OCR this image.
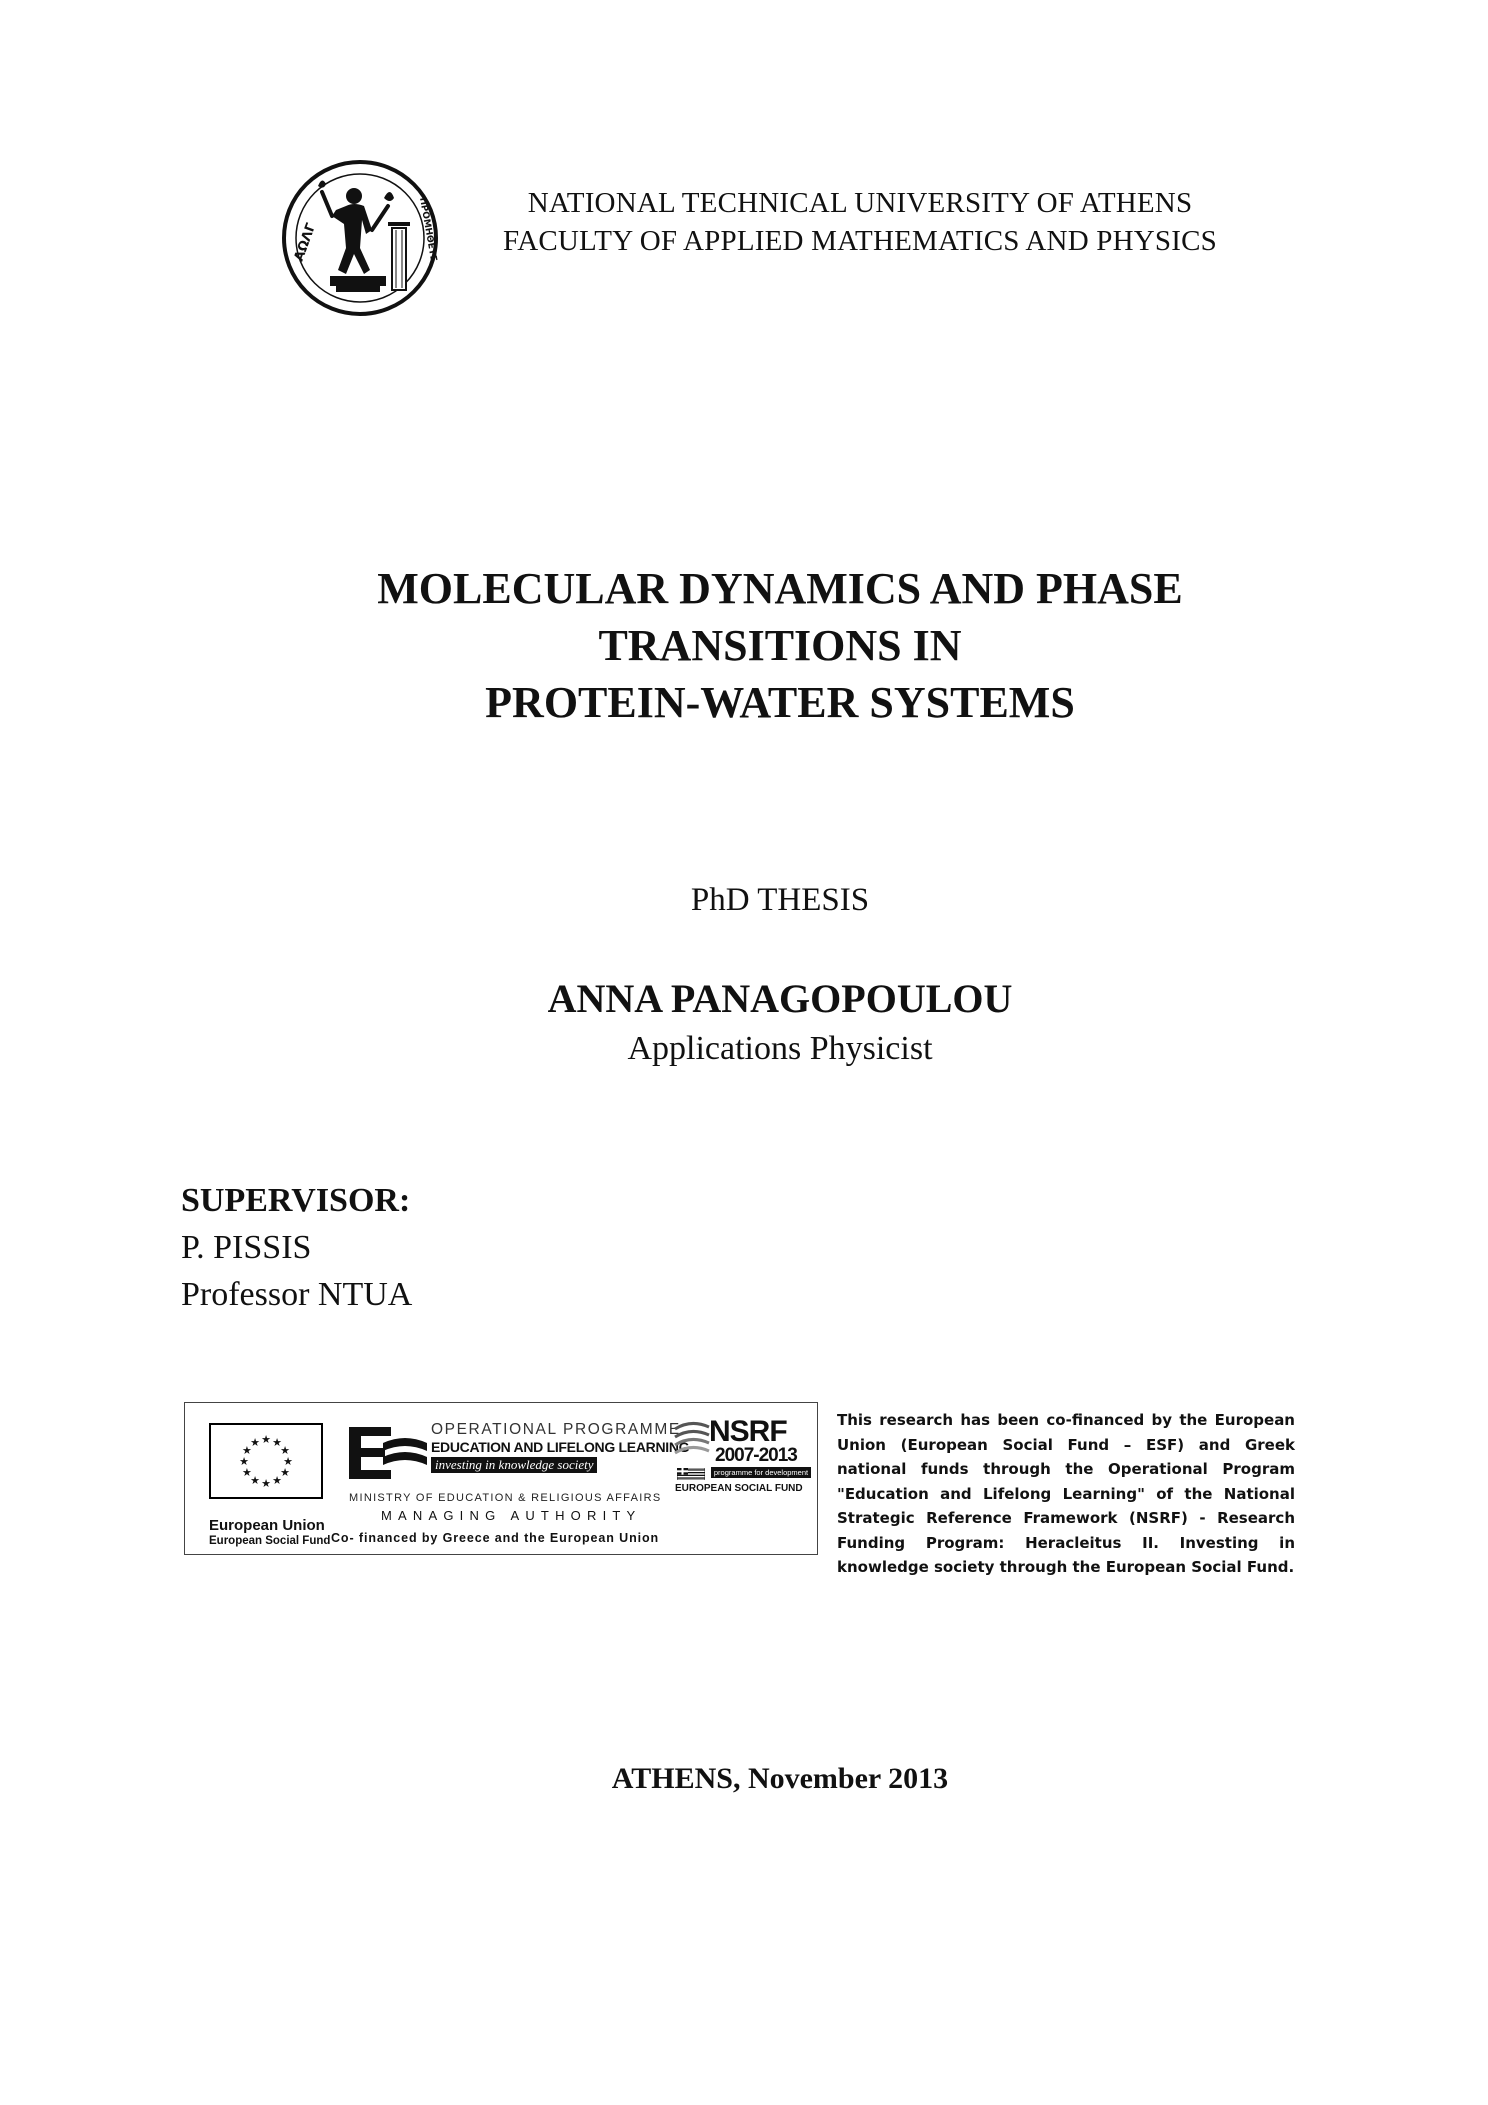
ΑΩΛΓ	ΠΡΟΜΗΘΕΥΣ	NATIONAL TECHNICAL UNIVERSITY OF ATHENS
FACULTY OF APPLIED MATHEMATICS AND PHYSICS
MOLECULAR DYNAMICS AND PHASE
TRANSITIONS IN
PROTEIN-WATER SYSTEMS
PhD THESIS
ANNA PANAGOPOULOU
Applications Physicist
SUPERVISOR:
P. PISSIS
Professor NTUA
★ ★
★
★
★
★
★
★
★
★
★
★
European Union
European Social Fund
OPERATIONAL PROGRAMME
EDUCATION AND LIFELONG LEARNING
investing in knowledge society
MINISTRY OF EDUCATION & RELIGIOUS AFFAIRS
MANAGING AUTHORITY
Co- financed by Greece and the European Union
NSRF
2007-2013
programme for development
EUROPEAN SOCIAL FUND
This research has been co-financed by the European Union (European Social Fund – ESF) and Greek national funds through the Operational Program "Education and Lifelong Learning" of the National Strategic Reference Framework (NSRF) - Research Funding Program: Heracleitus II. Investing in knowledge society through the European Social Fund.
ATHENS, November 2013
